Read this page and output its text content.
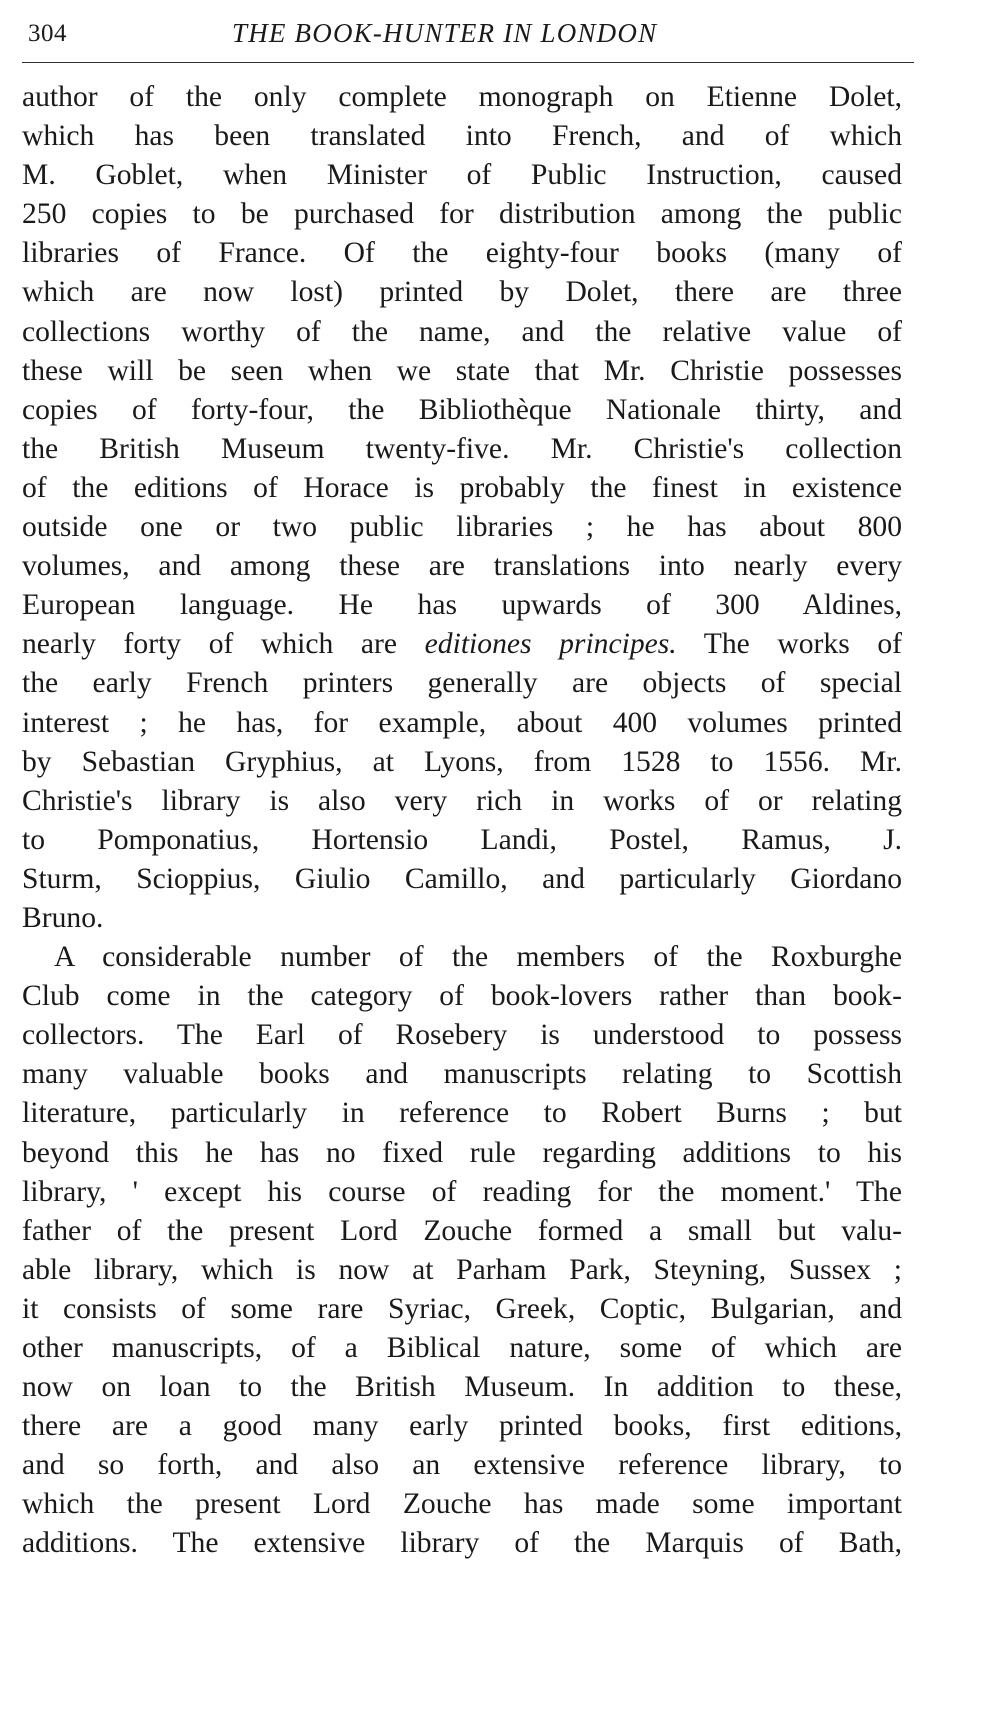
304	THE BOOK-HUNTER IN LONDON

author of the only complete monograph on Etienne Dolet,
which has been translated into French, and of which
M. Goblet, when Minister of Public Instruction, caused
250 copies to be purchased for distribution among the public
libraries of France. Of the eighty-four books (many of
which are now lost) printed by Dolet, there are three
collections worthy of the name, and the relative value of
these will be seen when we state that Mr. Christie possesses
copies of forty-four, the Bibliothèque Nationale thirty, and
the British Museum twenty-five. Mr. Christie's collection
of the editions of Horace is probably the finest in existence
outside one or two public libraries ; he has about 800
volumes, and among these are translations into nearly every
European language. He has upwards of 300 Aldines,
nearly forty of which are editiones principes. The works of
the early French printers generally are objects of special
interest ; he has, for example, about 400 volumes printed
by Sebastian Gryphius, at Lyons, from 1528 to 1556. Mr.
Christie's library is also very rich in works of or relating
to Pomponatius, Hortensio Landi, Postel, Ramus, J.
Sturm, Scioppius, Giulio Camillo, and particularly Giordano
Bruno.

A considerable number of the members of the Roxburghe
Club come in the category of book-lovers rather than book-
collectors. The Earl of Rosebery is understood to possess
many valuable books and manuscripts relating to Scottish
literature, particularly in reference to Robert Burns ; but
beyond this he has no fixed rule regarding additions to his
library, ' except his course of reading for the moment.' The
father of the present Lord Zouche formed a small but valu-
able library, which is now at Parham Park, Steyning, Sussex ;
it consists of some rare Syriac, Greek, Coptic, Bulgarian, and
other manuscripts, of a Biblical nature, some of which are
now on loan to the British Museum. In addition to these,
there are a good many early printed books, first editions,
and so forth, and also an extensive reference library, to
which the present Lord Zouche has made some important
additions. The extensive library of the Marquis of Bath,
